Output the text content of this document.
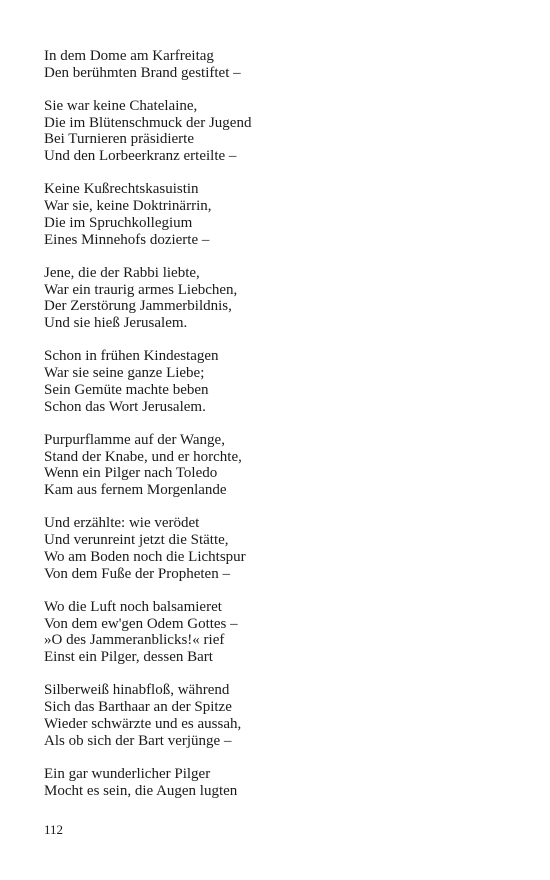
In dem Dome am Karfreitag
Den berühmten Brand gestiftet –
Sie war keine Chatelaine,
Die im Blütenschmuck der Jugend
Bei Turnieren präsidierte
Und den Lorbeerkranz erteilte –
Keine Kußrechtskasuistin
War sie, keine Doktrinärrin,
Die im Spruchkollegium
Eines Minnehofs dozierte –
Jene, die der Rabbi liebte,
War ein traurig armes Liebchen,
Der Zerstörung Jammerbildnis,
Und sie hieß Jerusalem.
Schon in frühen Kindestagen
War sie seine ganze Liebe;
Sein Gemüte machte beben
Schon das Wort Jerusalem.
Purpurflamme auf der Wange,
Stand der Knabe, und er horchte,
Wenn ein Pilger nach Toledo
Kam aus fernem Morgenlande
Und erzählte: wie verödet
Und verunreint jetzt die Stätte,
Wo am Boden noch die Lichtspur
Von dem Fuße der Propheten –
Wo die Luft noch balsamieret
Von dem ew'gen Odem Gottes –
»O des Jammeranblicks!« rief
Einst ein Pilger, dessen Bart
Silberweiß hinabfloß, während
Sich das Barthaar an der Spitze
Wieder schwärzte und es aussah,
Als ob sich der Bart verjünge –
Ein gar wunderlicher Pilger
Mocht es sein, die Augen lugten
112
